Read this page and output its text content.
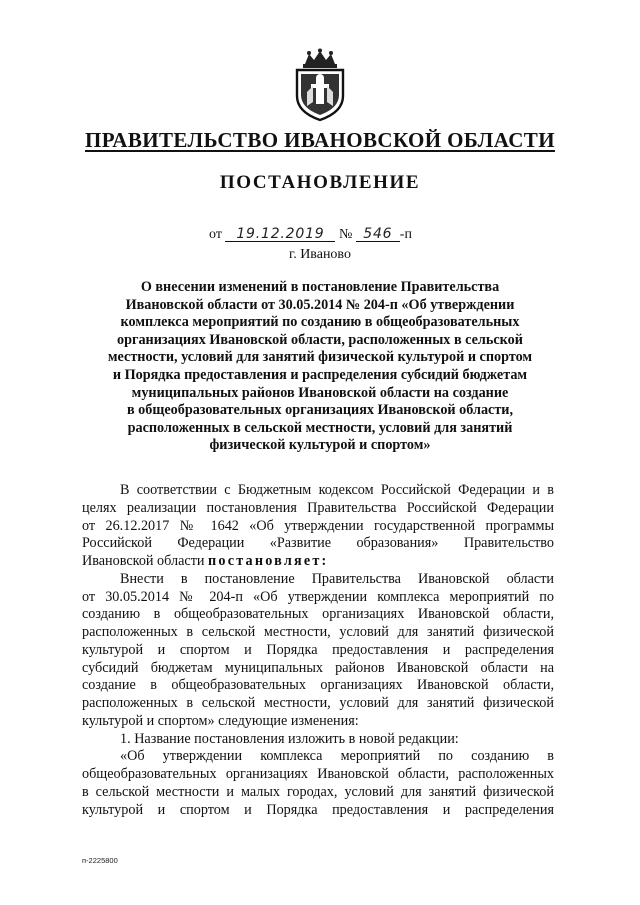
ПРАВИТЕЛЬСТВО ИВАНОВСКОЙ ОБЛАСТИ
ПОСТАНОВЛЕНИЕ
от 19.12.2019 № 546 -п
г. Иваново
О внесении изменений в постановление Правительства
Ивановской области от 30.05.2014 № 204-п «Об утверждении
комплекса мероприятий по созданию в общеобразовательных
организациях Ивановской области, расположенных в сельской
местности, условий для занятий физической культурой и спортом
и Порядка предоставления и распределения субсидий бюджетам
муниципальных районов Ивановской области на создание
в общеобразовательных организациях Ивановской области,
расположенных в сельской местности, условий для занятий
физической культурой и спортом»
В соответствии с Бюджетным кодексом Российской Федерации и в
целях реализации постановления Правительства Российской Федерации
от 26.12.2017 № 1642 «Об утверждении государственной программы
Российской Федерации «Развитие образования» Правительство
Ивановской области постановляет:
Внести в постановление Правительства Ивановской области
от 30.05.2014 № 204-п «Об утверждении комплекса мероприятий по
созданию в общеобразовательных организациях Ивановской области,
расположенных в сельской местности, условий для занятий физической
культурой и спортом и Порядка предоставления и распределения
субсидий бюджетам муниципальных районов Ивановской области на
создание в общеобразовательных организациях Ивановской области,
расположенных в сельской местности, условий для занятий физической
культурой и спортом» следующие изменения:
1. Название постановления изложить в новой редакции:
«Об утверждении комплекса мероприятий по созданию в
общеобразовательных организациях Ивановской области, расположенных
в сельской местности и малых городах, условий для занятий физической
культурой и спортом и Порядка предоставления и распределения
п-2225800
